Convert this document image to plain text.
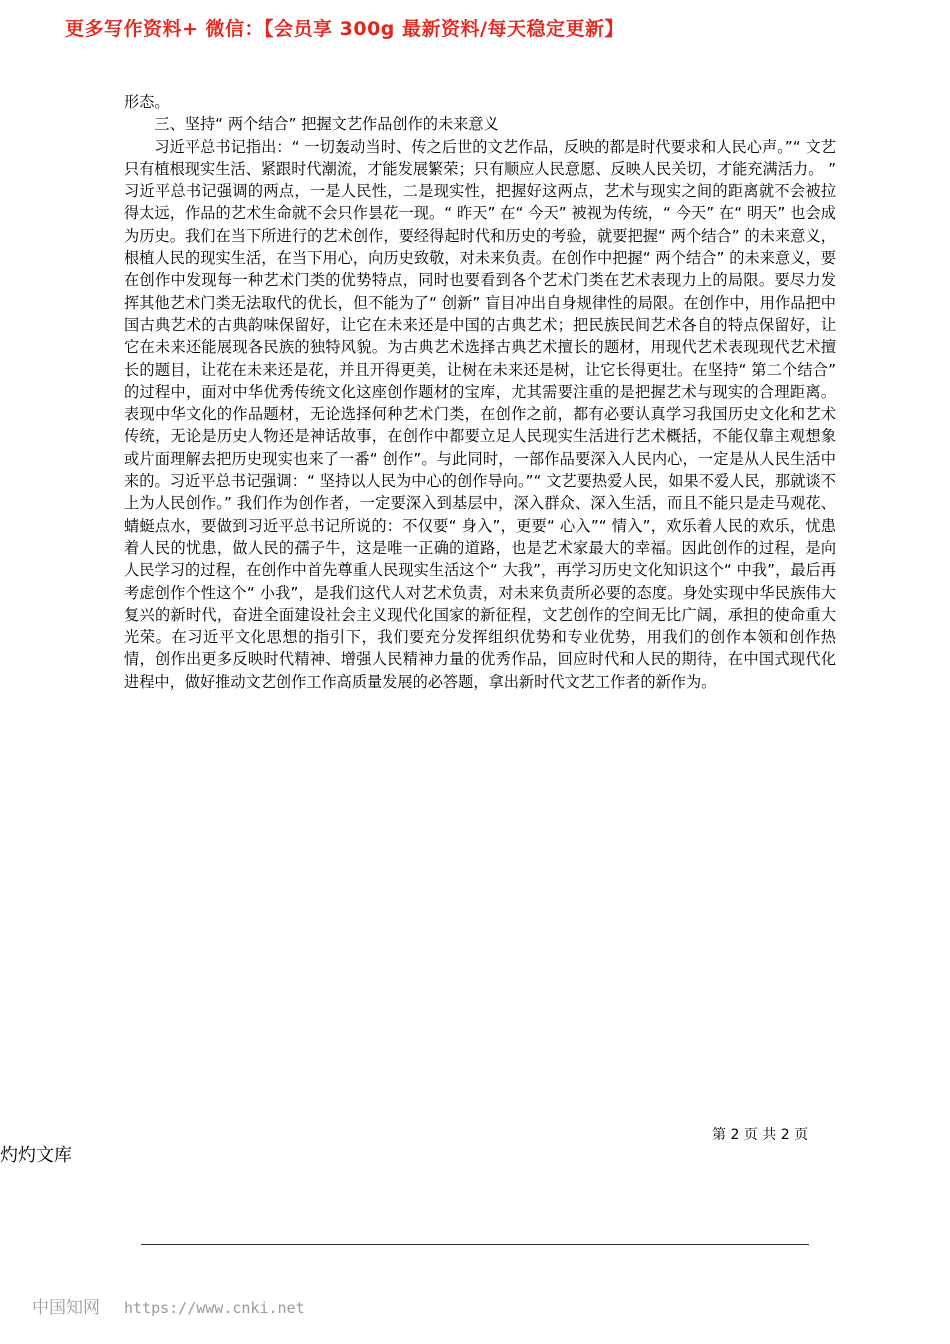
更多写作资料+ 微信：【会员享 300g 最新资料/每天稳定更新】

形态。

三、坚持“ 两个结合” 把握文艺作品创作的未来意义

习近平总书记指出：“ 一切轰动当时、传之后世的文艺作品，反映的都是时代要求和人民心声。”“ 文艺只有植根现实生活、紧跟时代潮流，才能发展繁荣；只有顺应人民意愿、反映人民关切，才能充满活力。 ” 习近平总书记强调的两点，一是人民性，二是现实性，把握好这两点，艺术与现实之间的距离就不会被拉得太远，作品的艺术生命就不会只作昙花一现。“ 昨天” 在“ 今天” 被视为传统，“ 今天” 在“ 明天” 也会成为历史。我们在当下所进行的艺术创作，要经得起时代和历史的考验，就要把握“ 两个结合” 的未来意义，根植人民的现实生活，在当下用心，向历史致敬，对未来负责。在创作中把握“ 两个结合” 的未来意义，要在创作中发现每一种艺术门类的优势特点，同时也要看到各个艺术门类在艺术表现力上的局限。要尽力发挥其他艺术门类无法取代的优长，但不能为了“ 创新” 盲目冲出自身规律性的局限。在创作中，用作品把中国古典艺术的古典韵味保留好，让它在未来还是中国的古典艺术；把民族民间艺术各自的特点保留好，让它在未来还能展现各民族的独特风貌。为古典艺术选择古典艺术擅长的题材，用现代艺术表现现代艺术擅长的题目，让花在未来还是花，并且开得更美，让树在未来还是树，让它长得更壮。在坚持“ 第二个结合” 的过程中，面对中华优秀传统文化这座创作题材的宝库，尤其需要注重的是把握艺术与现实的合理距离。表现中华文化的作品题材，无论选择何种艺术门类，在创作之前，都有必要认真学习我国历史文化和艺术传统，无论是历史人物还是神话故事，在创作中都要立足人民现实生活进行艺术概括，不能仅靠主观想象或片面理解去把历史现实也来了一番“ 创作”。与此同时，一部作品要深入人民内心，一定是从人民生活中来的。习近平总书记强调：“ 坚持以人民为中心的创作导向。”“ 文艺要热爱人民，如果不爱人民，那就谈不上为人民创作。” 我们作为创作者，一定要深入到基层中，深入群众、深入生活，而且不能只是走马观花、蜻蜓点水，要做到习近平总书记所说的：不仅要“ 身入”，更要“ 心入”“ 情入”，欢乐着人民的欢乐，忧患着人民的忧患，做人民的孺子牛，这是唯一正确的道路，也是艺术家最大的幸福。因此创作的过程，是向人民学习的过程，在创作中首先尊重人民现实生活这个“ 大我”，再学习历史文化知识这个“ 中我”，最后再考虑创作个性这个“ 小我”，是我们这代人对艺术负责，对未来负责所必要的态度。身处实现中华民族伟大复兴的新时代，奋进全面建设社会主义现代化国家的新征程，文艺创作的空间无比广阔，承担的使命重大光荣。在习近平文化思想的指引下，我们要充分发挥组织优势和专业优势，用我们的创作本领和创作热情，创作出更多反映时代精神、增强人民精神力量的优秀作品，回应时代和人民的期待，在中国式现代化进程中，做好推动文艺创作工作高质量发展的必答题，拿出新时代文艺工作者的新作为。

第 2 页 共 2 页
灼灼文库
中国知网 https://www.cnki.net
